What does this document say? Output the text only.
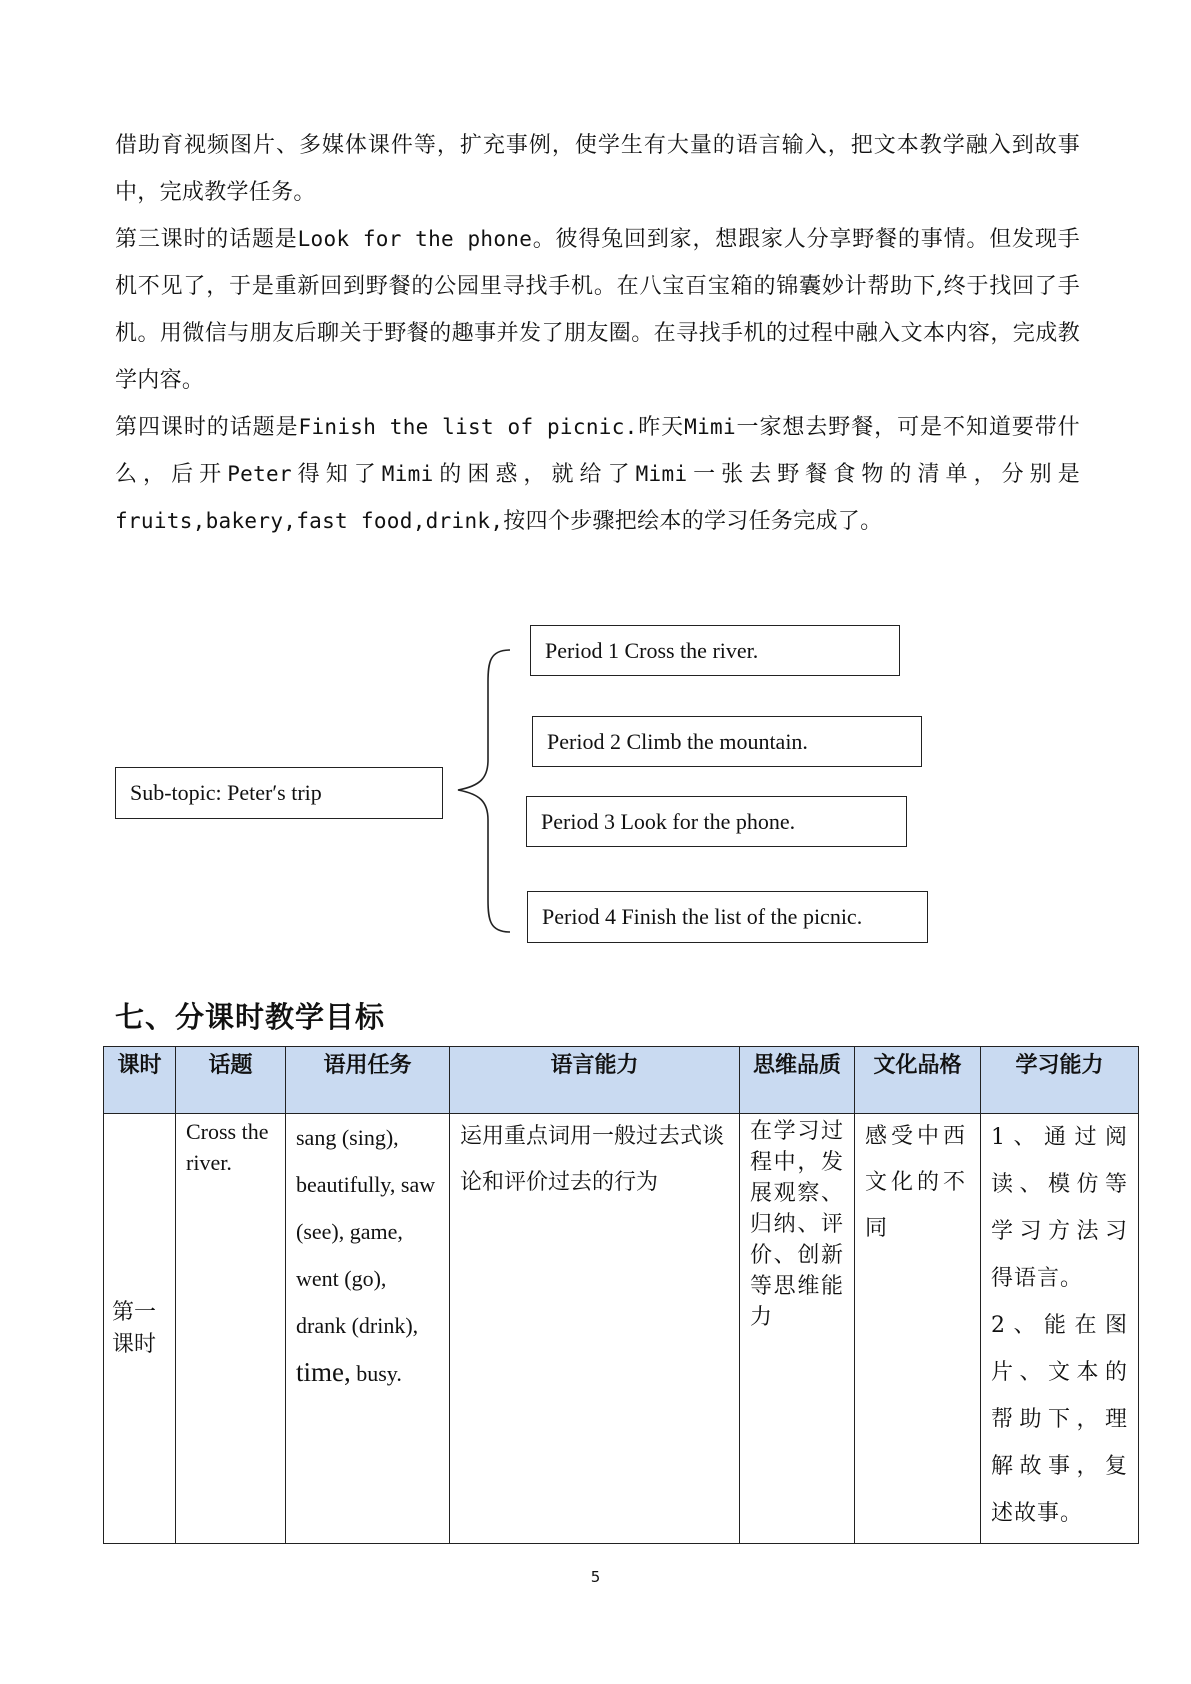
借助育视频图片、多媒体课件等，扩充事例，使学生有大量的语言输入，把文本教学融入到故事中，完成教学任务。

第三课时的话题是Look for the phone。彼得兔回到家，想跟家人分享野餐的事情。但发现手机不见了，于是重新回到野餐的公园里寻找手机。在八宝百宝箱的锦囊妙计帮助下,终于找回了手机。用微信与朋友后聊关于野餐的趣事并发了朋友圈。在寻找手机的过程中融入文本内容，完成教学内容。

第四课时的话题是Finish the list of picnic.昨天Mimi一家想去野餐，可是不知道要带什么，后开Peter得知了Mimi的困惑，就给了Mimi一张去野餐食物的清单，分别是fruits,bakery,fast food,drink,按四个步骤把绘本的学习任务完成了。

Sub-topic: Peter′s trip
Period 1 Cross the river.
Period 2 Climb the mountain.
Period 3 Look for the phone.
Period 4 Finish the list of the picnic.
七、分课时教学目标
课时	话题	语用任务	语言能力	思维品质	文化品格	学习能力
第一课时	Cross the river.	sang (sing), beautifully, saw (see), game, went (go), drank (drink), time, busy.	运用重点词用一般过去式谈论和评价过去的行为	在学习过程中，发展观察、归纳、评价、创新等思维能力	感受中西文化的不同	1、通过阅读、模仿等学习方法习得语言。
2、能在图片、文本的帮助下，理解故事，复述故事。
5
